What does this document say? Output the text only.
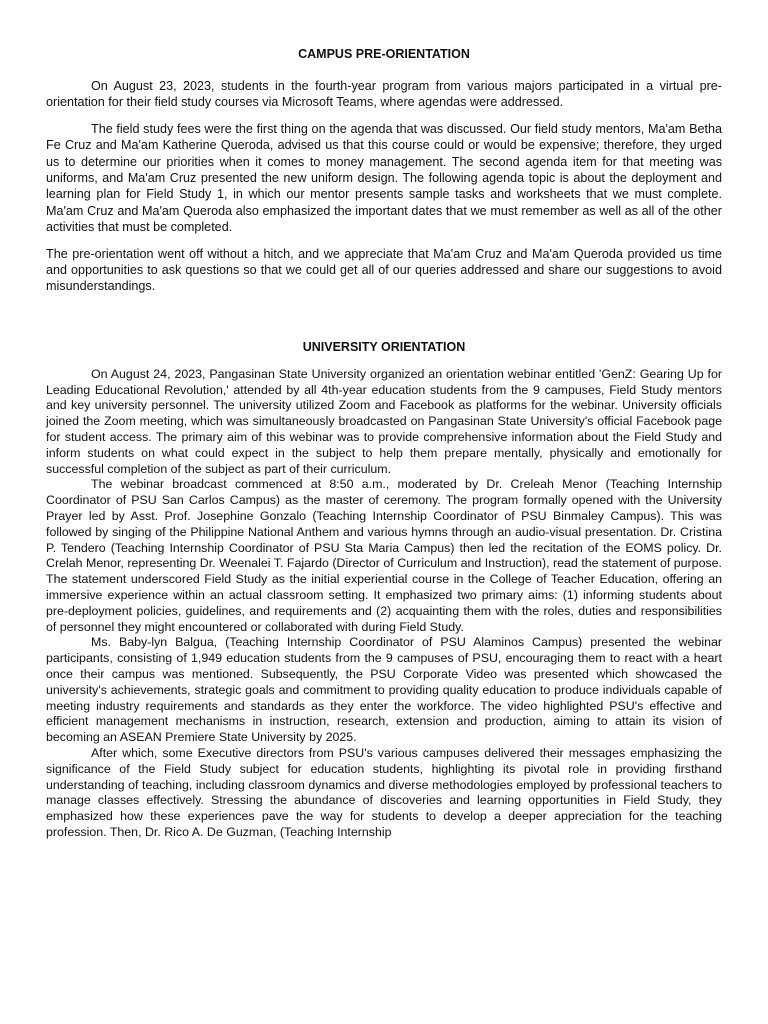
CAMPUS PRE-ORIENTATION

On August 23, 2023, students in the fourth-year program from various majors participated in a virtual pre-orientation for their field study courses via Microsoft Teams, where agendas were addressed.

The field study fees were the first thing on the agenda that was discussed. Our field study mentors, Ma'am Betha Fe Cruz and Ma'am Katherine Queroda, advised us that this course could or would be expensive; therefore, they urged us to determine our priorities when it comes to money management. The second agenda item for that meeting was uniforms, and Ma'am Cruz presented the new uniform design. The following agenda topic is about the deployment and learning plan for Field Study 1, in which our mentor presents sample tasks and worksheets that we must complete. Ma'am Cruz and Ma'am Queroda also emphasized the important dates that we must remember as well as all of the other activities that must be completed.

The pre-orientation went off without a hitch, and we appreciate that Ma'am Cruz and Ma'am Queroda provided us time and opportunities to ask questions so that we could get all of our queries addressed and share our suggestions to avoid misunderstandings.

UNIVERSITY ORIENTATION

On August 24, 2023, Pangasinan State University organized an orientation webinar entitled 'GenZ: Gearing Up for Leading Educational Revolution,' attended by all 4th-year education students from the 9 campuses, Field Study mentors and key university personnel. The university utilized Zoom and Facebook as platforms for the webinar. University officials joined the Zoom meeting, which was simultaneously broadcasted on Pangasinan State University's official Facebook page for student access. The primary aim of this webinar was to provide comprehensive information about the Field Study and inform students on what could expect in the subject to help them prepare mentally, physically and emotionally for successful completion of the subject as part of their curriculum.

The webinar broadcast commenced at 8:50 a.m., moderated by Dr. Creleah Menor (Teaching Internship Coordinator of PSU San Carlos Campus) as the master of ceremony. The program formally opened with the University Prayer led by Asst. Prof. Josephine Gonzalo (Teaching Internship Coordinator of PSU Binmaley Campus). This was followed by singing of the Philippine National Anthem and various hymns through an audio-visual presentation. Dr. Cristina P. Tendero (Teaching Internship Coordinator of PSU Sta Maria Campus) then led the recitation of the EOMS policy. Dr. Crelah Menor, representing Dr. Weenalei T. Fajardo (Director of Curriculum and Instruction), read the statement of purpose. The statement underscored Field Study as the initial experiential course in the College of Teacher Education, offering an immersive experience within an actual classroom setting. It emphasized two primary aims: (1) informing students about pre-deployment policies, guidelines, and requirements and (2) acquainting them with the roles, duties and responsibilities of personnel they might encountered or collaborated with during Field Study.

Ms. Baby-lyn Balgua, (Teaching Internship Coordinator of PSU Alaminos Campus) presented the webinar participants, consisting of 1,949 education students from the 9 campuses of PSU, encouraging them to react with a heart once their campus was mentioned. Subsequently, the PSU Corporate Video was presented which showcased the university's achievements, strategic goals and commitment to providing quality education to produce individuals capable of meeting industry requirements and standards as they enter the workforce. The video highlighted PSU's effective and efficient management mechanisms in instruction, research, extension and production, aiming to attain its vision of becoming an ASEAN Premiere State University by 2025.

After which, some Executive directors from PSU's various campuses delivered their messages emphasizing the significance of the Field Study subject for education students, highlighting its pivotal role in providing firsthand understanding of teaching, including classroom dynamics and diverse methodologies employed by professional teachers to manage classes effectively. Stressing the abundance of discoveries and learning opportunities in Field Study, they emphasized how these experiences pave the way for students to develop a deeper appreciation for the teaching profession. Then, Dr. Rico A. De Guzman, (Teaching Internship
